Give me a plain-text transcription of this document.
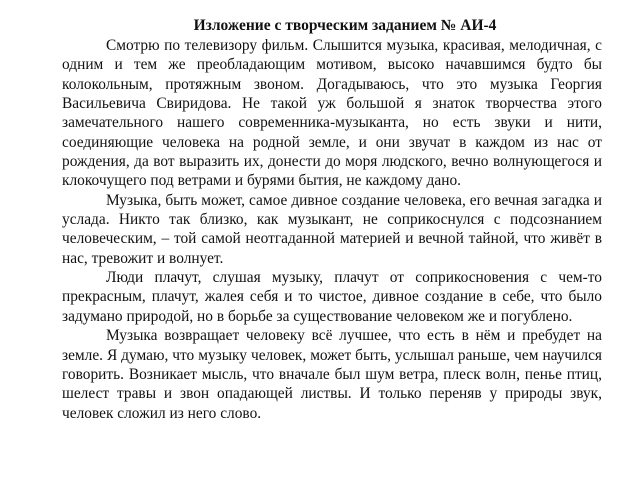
Изложение с творческим заданием № АИ-4

Смотрю по телевизору фильм. Слышится музыка, красивая, мелодичная, с одним и тем же преобладающим мотивом, высоко начавшимся будто бы колокольным, протяжным звоном. Догадываюсь, что это музыка Георгия Васильевича Свиридова. Не такой уж большой я знаток творчества этого замечательного нашего современника-музыканта, но есть звуки и нити, соединяющие человека на родной земле, и они звучат в каждом из нас от рождения, да вот выразить их, донести до моря людского, вечно волнующегося и клокочущего под ветрами и бурями бытия, не каждому дано.

Музыка, быть может, самое дивное создание человека, его вечная загадка и услада. Никто так близко, как музыкант, не соприкоснулся с подсознанием человеческим, – той самой неотгаданной материей и вечной тайной, что живёт в нас, тревожит и волнует.

Люди плачут, слушая музыку, плачут от соприкосновения с чем-то прекрасным, плачут, жалея себя и то чистое, дивное создание в себе, что было задумано природой, но в борьбе за существование человеком же и погублено.

Музыка возвращает человеку всё лучшее, что есть в нём и пребудет на земле. Я думаю, что музыку человек, может быть, услышал раньше, чем научился говорить. Возникает мысль, что вначале был шум ветра, плеск волн, пенье птиц, шелест травы и звон опадающей листвы. И только переняв у природы звук, человек сложил из него слово.
